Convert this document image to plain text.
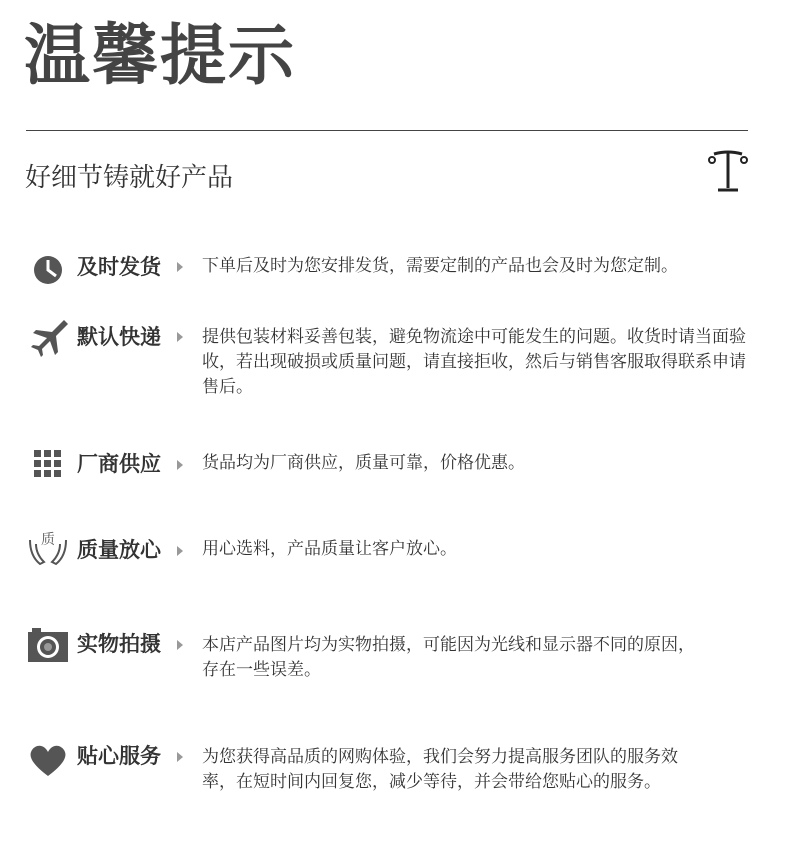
温馨提示
好细节铸就好产品
及时发货 下单后及时为您安排发货，需要定制的产品也会及时为您定制。
默认快递 提供包装材料妥善包装，避免物流途中可能发生的问题。收货时请当面验收，若出现破损或质量问题，请直接拒收，然后与销售客服取得联系申请售后。
厂商供应 货品均为厂商供应，质量可靠，价格优惠。
质 质量放心 用心选料，产品质量让客户放心。
实物拍摄 本店产品图片均为实物拍摄，可能因为光线和显示器不同的原因，存在一些误差。
贴心服务 为您获得高品质的网购体验，我们会努力提高服务团队的服务效率，在短时间内回复您，减少等待，并会带给您贴心的服务。
